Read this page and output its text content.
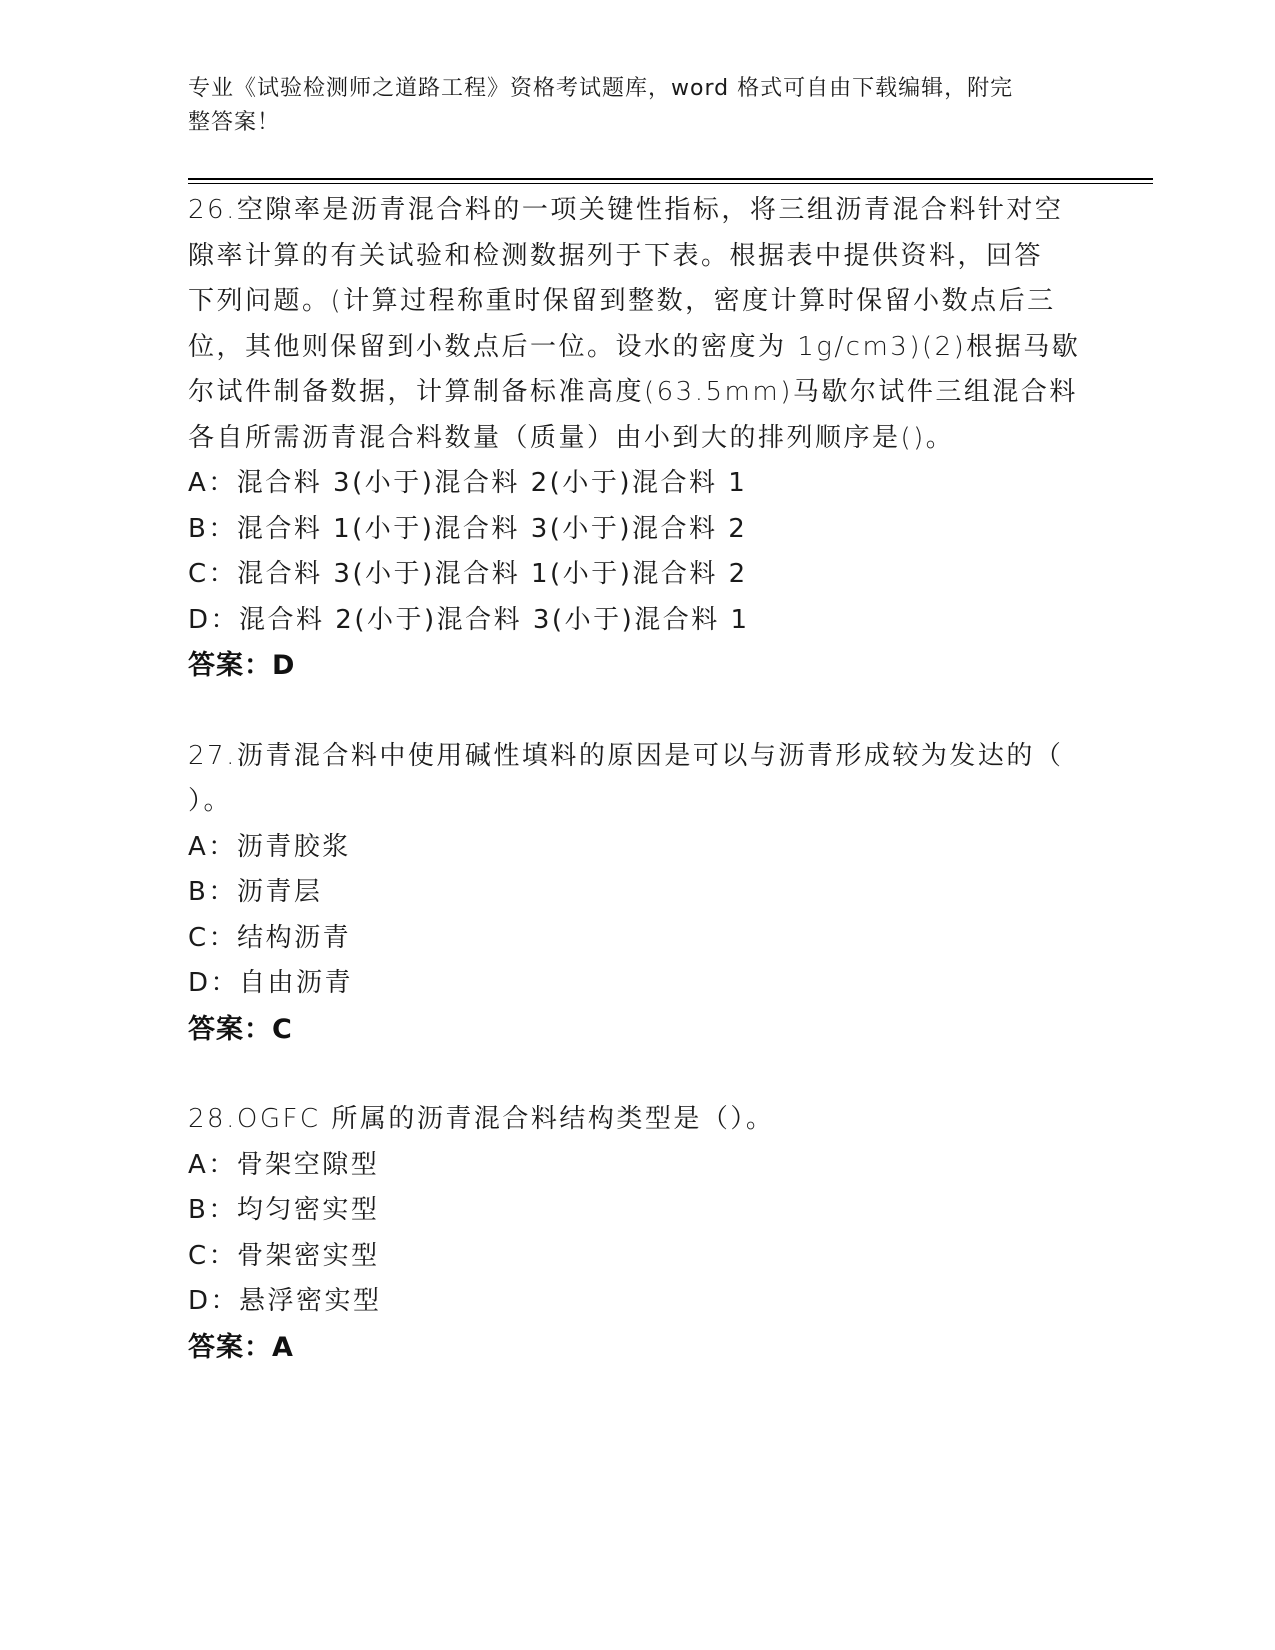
专业《试验检测师之道路工程》资格考试题库，word 格式可自由下载编辑，附完
整答案！

26.空隙率是沥青混合料的一项关键性指标，将三组沥青混合料针对空

隙率计算的有关试验和检测数据列于下表。根据表中提供资料，回答

下列问题。(计算过程称重时保留到整数，密度计算时保留小数点后三

位，其他则保留到小数点后一位。设水的密度为 1g/cm3)(2)根据马歇

尔试件制备数据，计算制备标准高度(63.5mm)马歇尔试件三组混合料

各自所需沥青混合料数量（质量）由小到大的排列顺序是()。

A：混合料 3(小于)混合料 2(小于)混合料 1

B：混合料 1(小于)混合料 3(小于)混合料 2

C：混合料 3(小于)混合料 1(小于)混合料 2

D：混合料 2(小于)混合料 3(小于)混合料 1

答案：D

27.沥青混合料中使用碱性填料的原因是可以与沥青形成较为发达的（

）。

A：沥青胶浆

B：沥青层

C：结构沥青

D：自由沥青

答案：C

28.OGFC 所属的沥青混合料结构类型是（）。

A：骨架空隙型

B：均匀密实型

C：骨架密实型

D：悬浮密实型

答案：A
